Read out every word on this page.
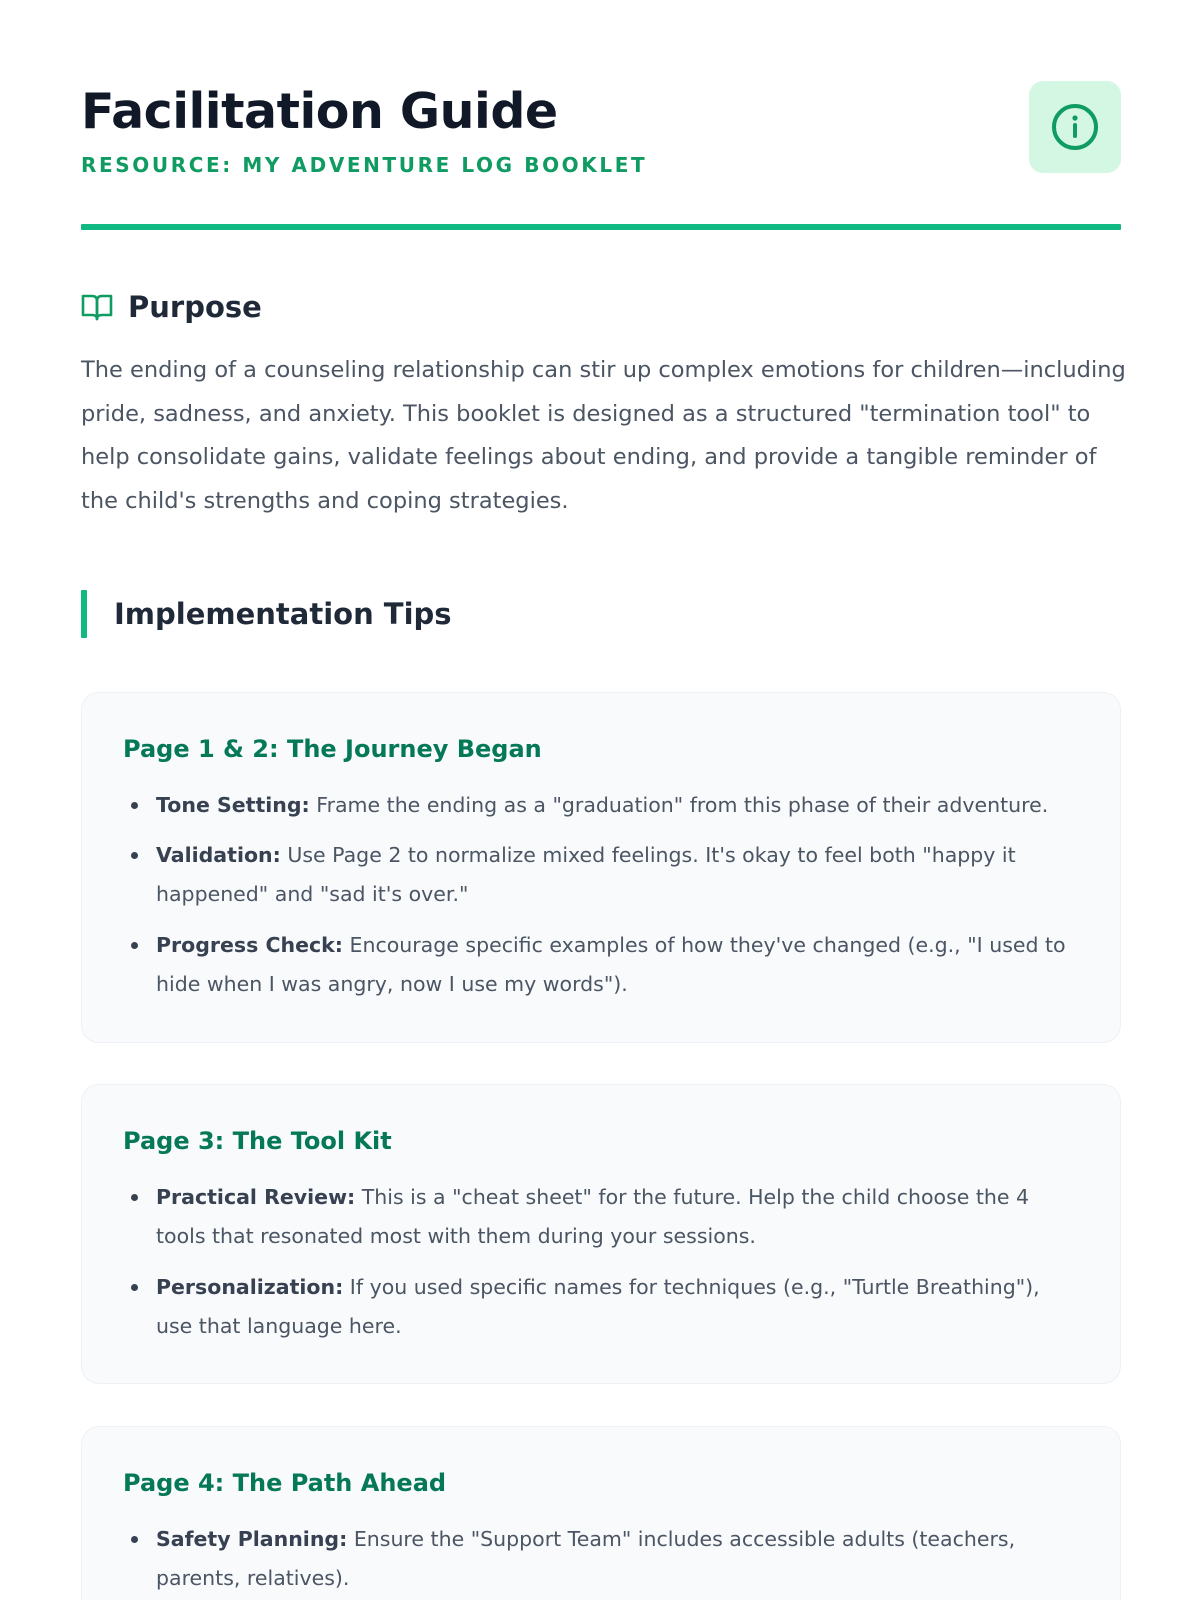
Facilitation Guide
RESOURCE: MY ADVENTURE LOG BOOKLET
Purpose

The ending of a counseling relationship can stir up complex emotions for children—including pride, sadness, and anxiety. This booklet is designed as a structured "termination tool" to help consolidate gains, validate feelings about ending, and provide a tangible reminder of the child's strengths and coping strategies.

Implementation Tips
Page 1 & 2: The Journey Began
Tone Setting: Frame the ending as a "graduation" from this phase of their adventure.
Validation: Use Page 2 to normalize mixed feelings. It's okay to feel both "happy it happened" and "sad it's over."
Progress Check: Encourage specific examples of how they've changed (e.g., "I used to hide when I was angry, now I use my words").
Page 3: The Tool Kit
Practical Review: This is a "cheat sheet" for the future. Help the child choose the 4 tools that resonated most with them during your sessions.
Personalization: If you used specific names for techniques (e.g., "Turtle Breathing"), use that language here.
Page 4: The Path Ahead
Safety Planning: Ensure the "Support Team" includes accessible adults (teachers, parents, relatives).
